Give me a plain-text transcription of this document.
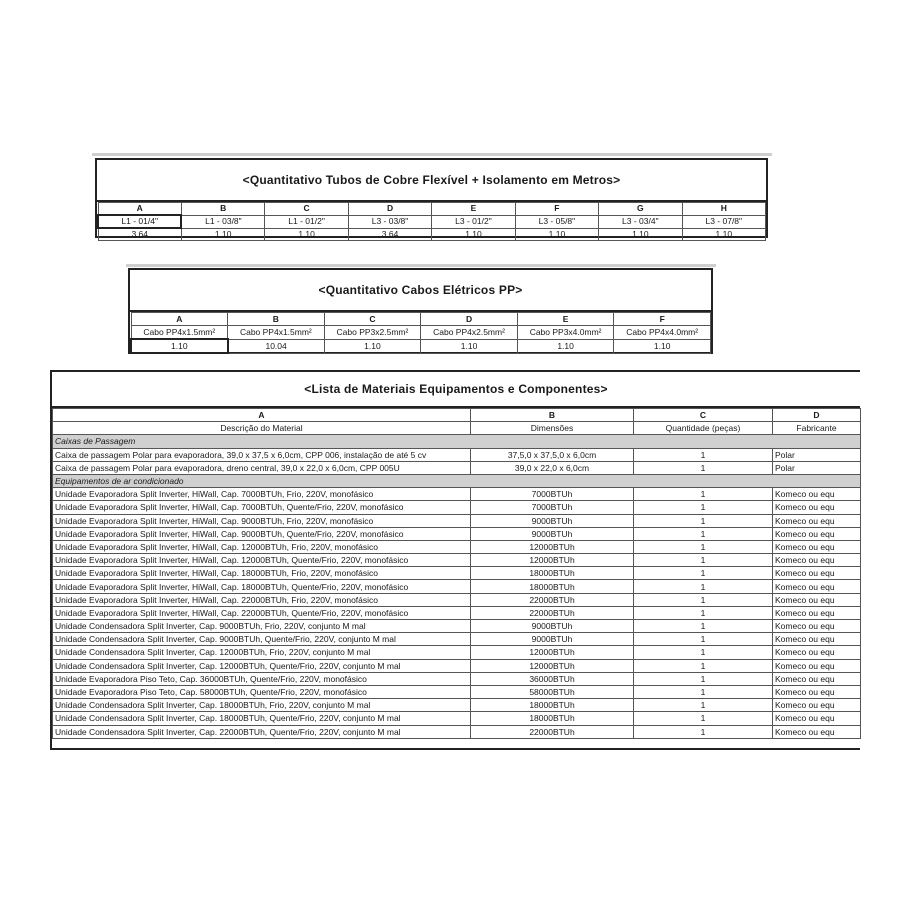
<Quantitativo Tubos de Cobre Flexível + Isolamento em Metros>
A	B	C	D	E	F	G	H
L1 - 01/4"	L1 - 03/8"	L1 - 01/2"	L3 - 03/8"	L3 - 01/2"	L3 - 05/8"	L3 - 03/4"	L3 - 07/8"
3.64	1.10	1.10	3.64	1.10	1.10	1.10	1.10
<Quantitativo Cabos Elétricos PP>
A	B	C	D	E	F
Cabo PP4x1.5mm²	Cabo PP4x1.5mm²	Cabo PP3x2.5mm²	Cabo PP4x2.5mm²	Cabo PP3x4.0mm²	Cabo PP4x4.0mm²
1.10	10.04	1.10	1.10	1.10	1.10
<Lista de Materiais Equipamentos e Componentes>
A	B	C	D
Descrição do Material	Dimensões	Quantidade (peças)	Fabricante
Caixas de Passagem			
Caixa de passagem Polar para evaporadora, 39,0 x 37,5 x 6,0cm, CPP 006, instalação de até 5 cv	37,5,0 x 37,5,0 x 6,0cm	1	Polar
Caixa de passagem Polar para evaporadora, dreno central, 39,0 x 22,0 x 6,0cm, CPP 005U	39,0 x 22,0 x 6,0cm	1	Polar
Equipamentos de ar condicionado			
Unidade Evaporadora Split Inverter, HiWall, Cap. 7000BTUh, Frio, 220V, monofásico	7000BTUh	1	Komeco ou equ
Unidade Evaporadora Split Inverter, HiWall, Cap. 7000BTUh, Quente/Frio, 220V, monofásico	7000BTUh	1	Komeco ou equ
Unidade Evaporadora Split Inverter, HiWall, Cap. 9000BTUh, Frio, 220V, monofásico	9000BTUh	1	Komeco ou equ
Unidade Evaporadora Split Inverter, HiWall, Cap. 9000BTUh, Quente/Frio, 220V, monofásico	9000BTUh	1	Komeco ou equ
Unidade Evaporadora Split Inverter, HiWall, Cap. 12000BTUh, Frio, 220V, monofásico	12000BTUh	1	Komeco ou equ
Unidade Evaporadora Split Inverter, HiWall, Cap. 12000BTUh, Quente/Frio, 220V, monofásico	12000BTUh	1	Komeco ou equ
Unidade Evaporadora Split Inverter, HiWall, Cap. 18000BTUh, Frio, 220V, monofásico	18000BTUh	1	Komeco ou equ
Unidade Evaporadora Split Inverter, HiWall, Cap. 18000BTUh, Quente/Frio, 220V, monofásico	18000BTUh	1	Komeco ou equ
Unidade Evaporadora Split Inverter, HiWall, Cap. 22000BTUh, Frio, 220V, monofásico	22000BTUh	1	Komeco ou equ
Unidade Evaporadora Split Inverter, HiWall, Cap. 22000BTUh, Quente/Frio, 220V, monofásico	22000BTUh	1	Komeco ou equ
Unidade Condensadora Split Inverter, Cap. 9000BTUh, Frio, 220V, conjunto M mal	9000BTUh	1	Komeco ou equ
Unidade Condensadora Split Inverter, Cap. 9000BTUh, Quente/Frio, 220V, conjunto M mal	9000BTUh	1	Komeco ou equ
Unidade Condensadora Split Inverter, Cap. 12000BTUh, Frio, 220V, conjunto M mal	12000BTUh	1	Komeco ou equ
Unidade Condensadora Split Inverter, Cap. 12000BTUh, Quente/Frio, 220V, conjunto M mal	12000BTUh	1	Komeco ou equ
Unidade Evaporadora Piso Teto, Cap. 36000BTUh, Quente/Frio, 220V, monofásico	36000BTUh	1	Komeco ou equ
Unidade Evaporadora Piso Teto, Cap. 58000BTUh, Quente/Frio, 220V, monofásico	58000BTUh	1	Komeco ou equ
Unidade Condensadora Split Inverter, Cap. 18000BTUh, Frio, 220V, conjunto M mal	18000BTUh	1	Komeco ou equ
Unidade Condensadora Split Inverter, Cap. 18000BTUh, Quente/Frio, 220V, conjunto M mal	18000BTUh	1	Komeco ou equ
Unidade Condensadora Split Inverter, Cap. 22000BTUh, Quente/Frio, 220V, conjunto M mal	22000BTUh	1	Komeco ou equ
